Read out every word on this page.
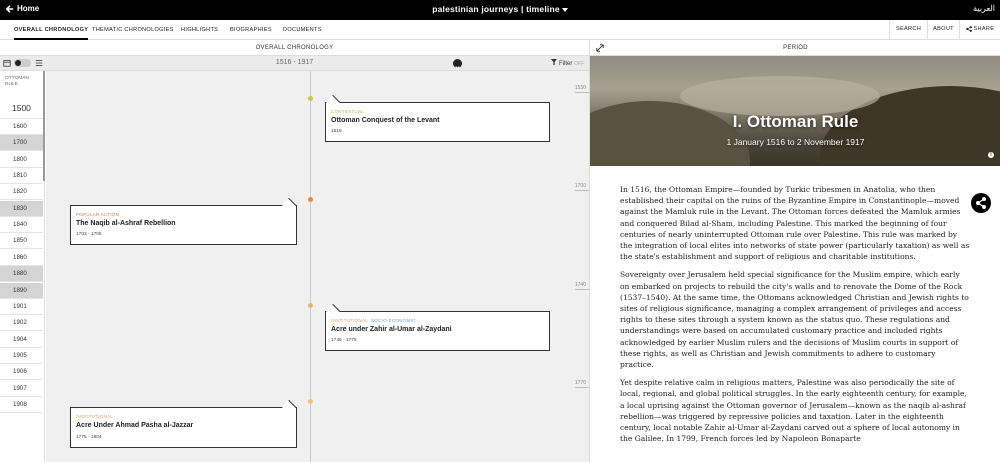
Home	palestinian journeys | timeline	العربية
OVERALL CHRONOLOGY THEMATIC CHRONOLOGIES HIGHLIGHTS BIOGRAPHIES DOCUMENTS	SEARCH	ABOUT	SHARE
OVERALL CHRONOLOGY
1516 - 1917	Filter OFF
OTTOMAN RULE
1500
1600
1700
1800
1810
1820
1830
1840
1850
1860
1880
1890
1901
1902
1904
1905
1906
1907
1908
1530
1700
1740
1770
CONTEXTUAL
Ottoman Conquest of the Levant
1516
POPULAR ACTION
The Naqib al-Ashraf Rebellion
1703 - 1705
INSTITUTIONAL SOCIO-ECONOMIC
Acre under Zahir al-Umar al-Zaydani
1746 - 1775
INSTITUTIONAL
Acre Under Ahmad Pasha al-Jazzar
1775 - 1804
PERIOD
I. Ottoman Rule
1 January 1516 to 2 November 1917
i

In 1516, the Ottoman Empire—founded by Turkic tribesmen in Anatolia, who then established their capital on the ruins of the Byzantine Empire in Constantinople—moved against the Mamluk rule in the Levant. The Ottoman forces defeated the Mamluk armies and conquered Bilad al-Sham, including Palestine. This marked the beginning of four centuries of nearly uninterrupted Ottoman rule over Palestine. This rule was marked by the integration of local elites into networks of state power (particularly taxation) as well as the state's establishment and support of religious and charitable institutions.

Sovereignty over Jerusalem held special significance for the Muslim empire, which early on embarked on projects to rebuild the city's walls and to renovate the Dome of the Rock (1537–1540). At the same time, the Ottomans acknowledged Christian and Jewish rights to sites of religious significance, managing a complex arrangement of privileges and access rights to these sites through a system known as the status quo. These regulations and understandings were based on accumulated customary practice and included rights acknowledged by earlier Muslim rulers and the decisions of Muslim courts in support of these rights, as well as Christian and Jewish commitments to adhere to customary practice.

Yet despite relative calm in religious matters, Palestine was also periodically the site of local, regional, and global political struggles. In the early eighteenth century, for example, a local uprising against the Ottoman governor of Jerusalem—known as the naqib al-ashraf rebellion—was triggered by repressive policies and taxation. Later in the eighteenth century, local notable Zahir al-Umar al-Zaydani carved out a sphere of local autonomy in the Galilee. In 1799, French forces led by Napoleon Bonaparte
